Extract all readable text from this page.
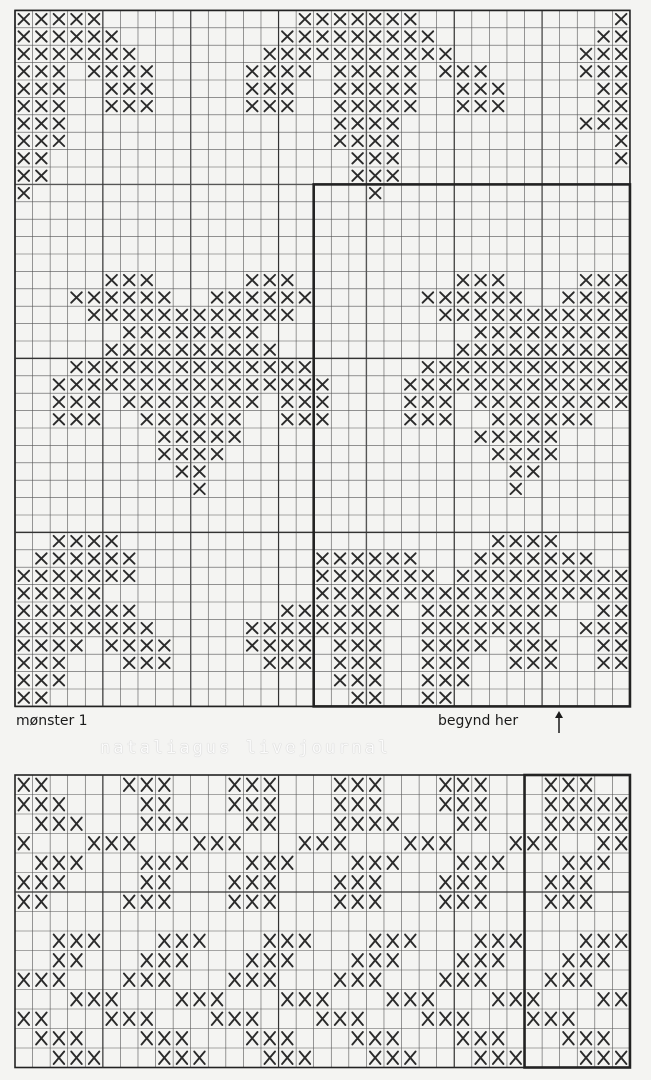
mønster 1	begynd her
nataliagus livejournal
